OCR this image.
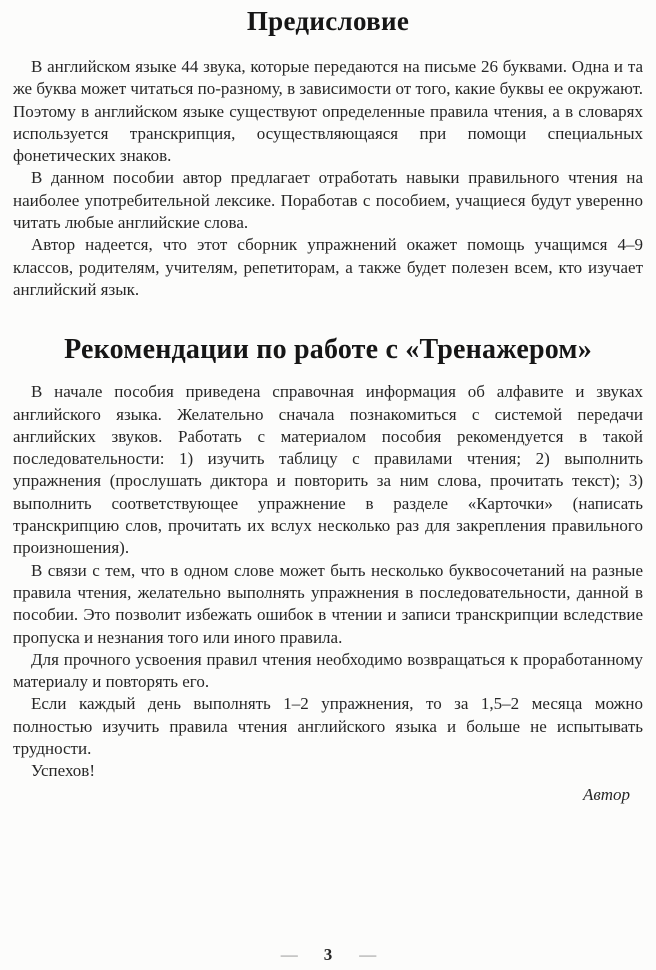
Предисловие

В английском языке 44 звука, которые передаются на письме 26 буквами. Одна и та же буква может читаться по-разному, в зависимости от того, какие буквы ее окружают. Поэтому в английском языке существуют определенные правила чтения, а в словарях используется транскрипция, осуществляющаяся при помощи специальных фонетических знаков.

В данном пособии автор предлагает отработать навыки правильного чтения на наиболее употребительной лексике. Поработав с пособием, учащиеся будут уверенно читать любые английские слова.

Автор надеется, что этот сборник упражнений окажет помощь учащимся 4–9 классов, родителям, учителям, репетиторам, а также будет полезен всем, кто изучает английский язык.

Рекомендации по работе с «Тренажером»

В начале пособия приведена справочная информация об алфавите и звуках английского языка. Желательно сначала познакомиться с системой передачи английских звуков. Работать с материалом пособия рекомендуется в такой последовательности: 1) изучить таблицу с правилами чтения; 2) выполнить упражнения (прослушать диктора и повторить за ним слова, прочитать текст); 3) выполнить соответствующее упражнение в разделе «Карточки» (написать транскрипцию слов, прочитать их вслух несколько раз для закрепления правильного произношения).

В связи с тем, что в одном слове может быть несколько буквосочетаний на разные правила чтения, желательно выполнять упражнения в последовательности, данной в пособии. Это позволит избежать ошибок в чтении и записи транскрипции вследствие пропуска и незнания того или иного правила.

Для прочного усвоения правил чтения необходимо возвращаться к проработанному материалу и повторять его.

Если каждый день выполнять 1–2 упражнения, то за 1,5–2 месяца можно полностью изучить правила чтения английского языка и больше не испытывать трудности.

Успехов!

Автор

— 3 —
